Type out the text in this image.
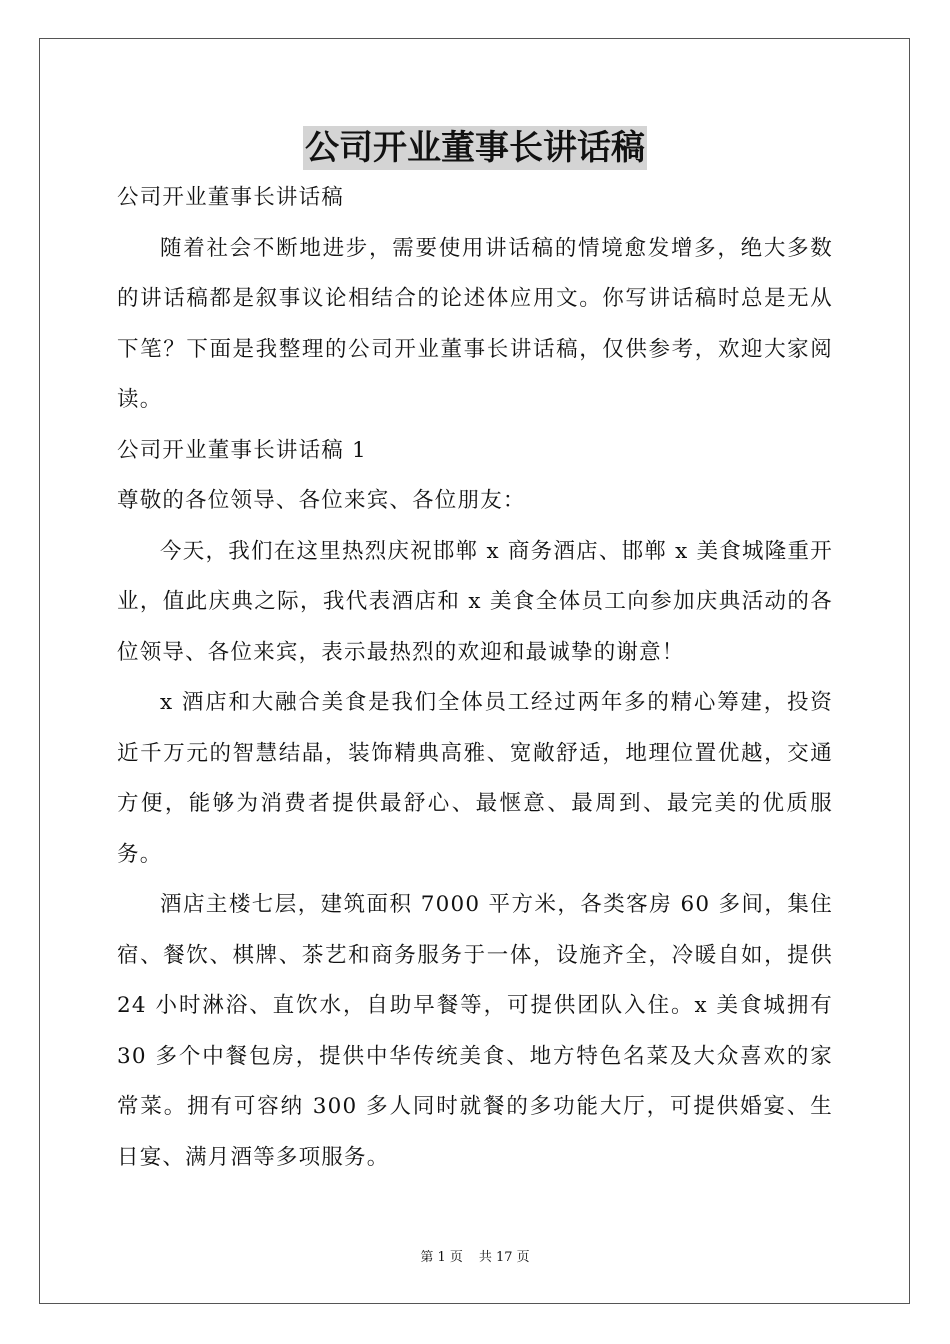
公司开业董事长讲话稿

公司开业董事长讲话稿

随着社会不断地进步，需要使用讲话稿的情境愈发增多，绝大多数的讲话稿都是叙事议论相结合的论述体应用文。你写讲话稿时总是无从下笔？下面是我整理的公司开业董事长讲话稿，仅供参考，欢迎大家阅读。

公司开业董事长讲话稿 1

尊敬的各位领导、各位来宾、各位朋友：

今天，我们在这里热烈庆祝邯郸 x 商务酒店、邯郸 x 美食城隆重开业，值此庆典之际，我代表酒店和 x 美食全体员工向参加庆典活动的各位领导、各位来宾，表示最热烈的欢迎和最诚挚的谢意！

x 酒店和大融合美食是我们全体员工经过两年多的精心筹建，投资近千万元的智慧结晶，装饰精典高雅、宽敞舒适，地理位置优越，交通方便，能够为消费者提供最舒心、最惬意、最周到、最完美的优质服务。

酒店主楼七层，建筑面积 7000 平方米，各类客房 60 多间，集住宿、餐饮、棋牌、茶艺和商务服务于一体，设施齐全，冷暖自如，提供 24 小时淋浴、直饮水，自助早餐等，可提供团队入住。x 美食城拥有 30 多个中餐包房，提供中华传统美食、地方特色名菜及大众喜欢的家常菜。拥有可容纳 300 多人同时就餐的多功能大厅，可提供婚宴、生日宴、满月酒等多项服务。

第 1 页 共 17 页
